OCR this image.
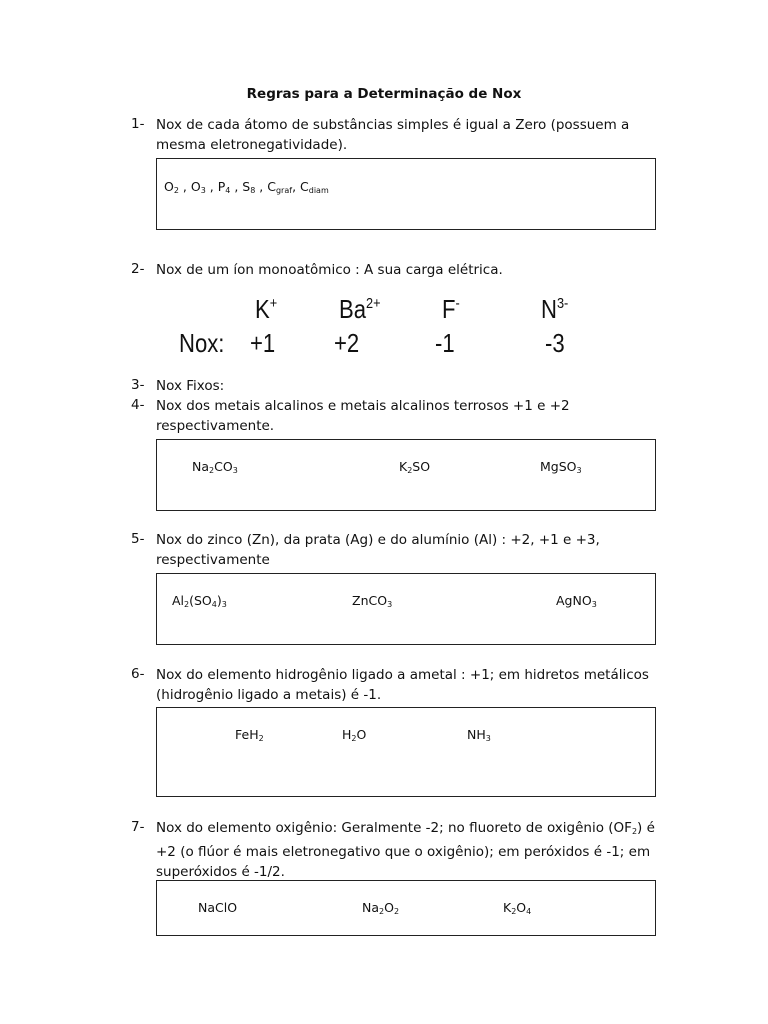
Regras para a Determinação de Nox
1- Nox de cada átomo de substâncias simples é igual a Zero (possuem a mesma eletronegatividade).
$O_2$ , $O_3$ , $P_4$ , $S_8$ , $C_{graf}$, $C_{diam}$
2- Nox de um íon monoatômico : A sua carga elétrica.
K+ $Ba^{2+}$ F-	$N^{3-}$
Nox: +1 +2	-1	-3
3- Nox Fixos:
4- Nox dos metais alcalinos e metais alcalinos terrosos +1 e +2 respectivamente.
$Na_2CO_3$	$K_2SO$	MgSO$_3$
5- Nox do zinco (Zn), da prata (Ag) e do alumínio (Al) : +2, +1 e +3, respectivamente
$Al_2(SO_4)_3$	ZnCO$_3$	AgNO$_3$
6- Nox do elemento hidrogênio ligado a ametal : +1; em hidretos metálicos (hidrogênio ligado a metais) é -1.
FeH$_2$	$H_2O$	$NH_3$
7- Nox do elemento oxigênio: Geralmente -2; no fluoreto de oxigênio $(OF_2)$ é +2 (o flúor é mais eletronegativo que o oxigênio); em peróxidos é -1; em superóxidos é -1/2.
NaClO	$Na_2O_2$	$K_2O_4$
